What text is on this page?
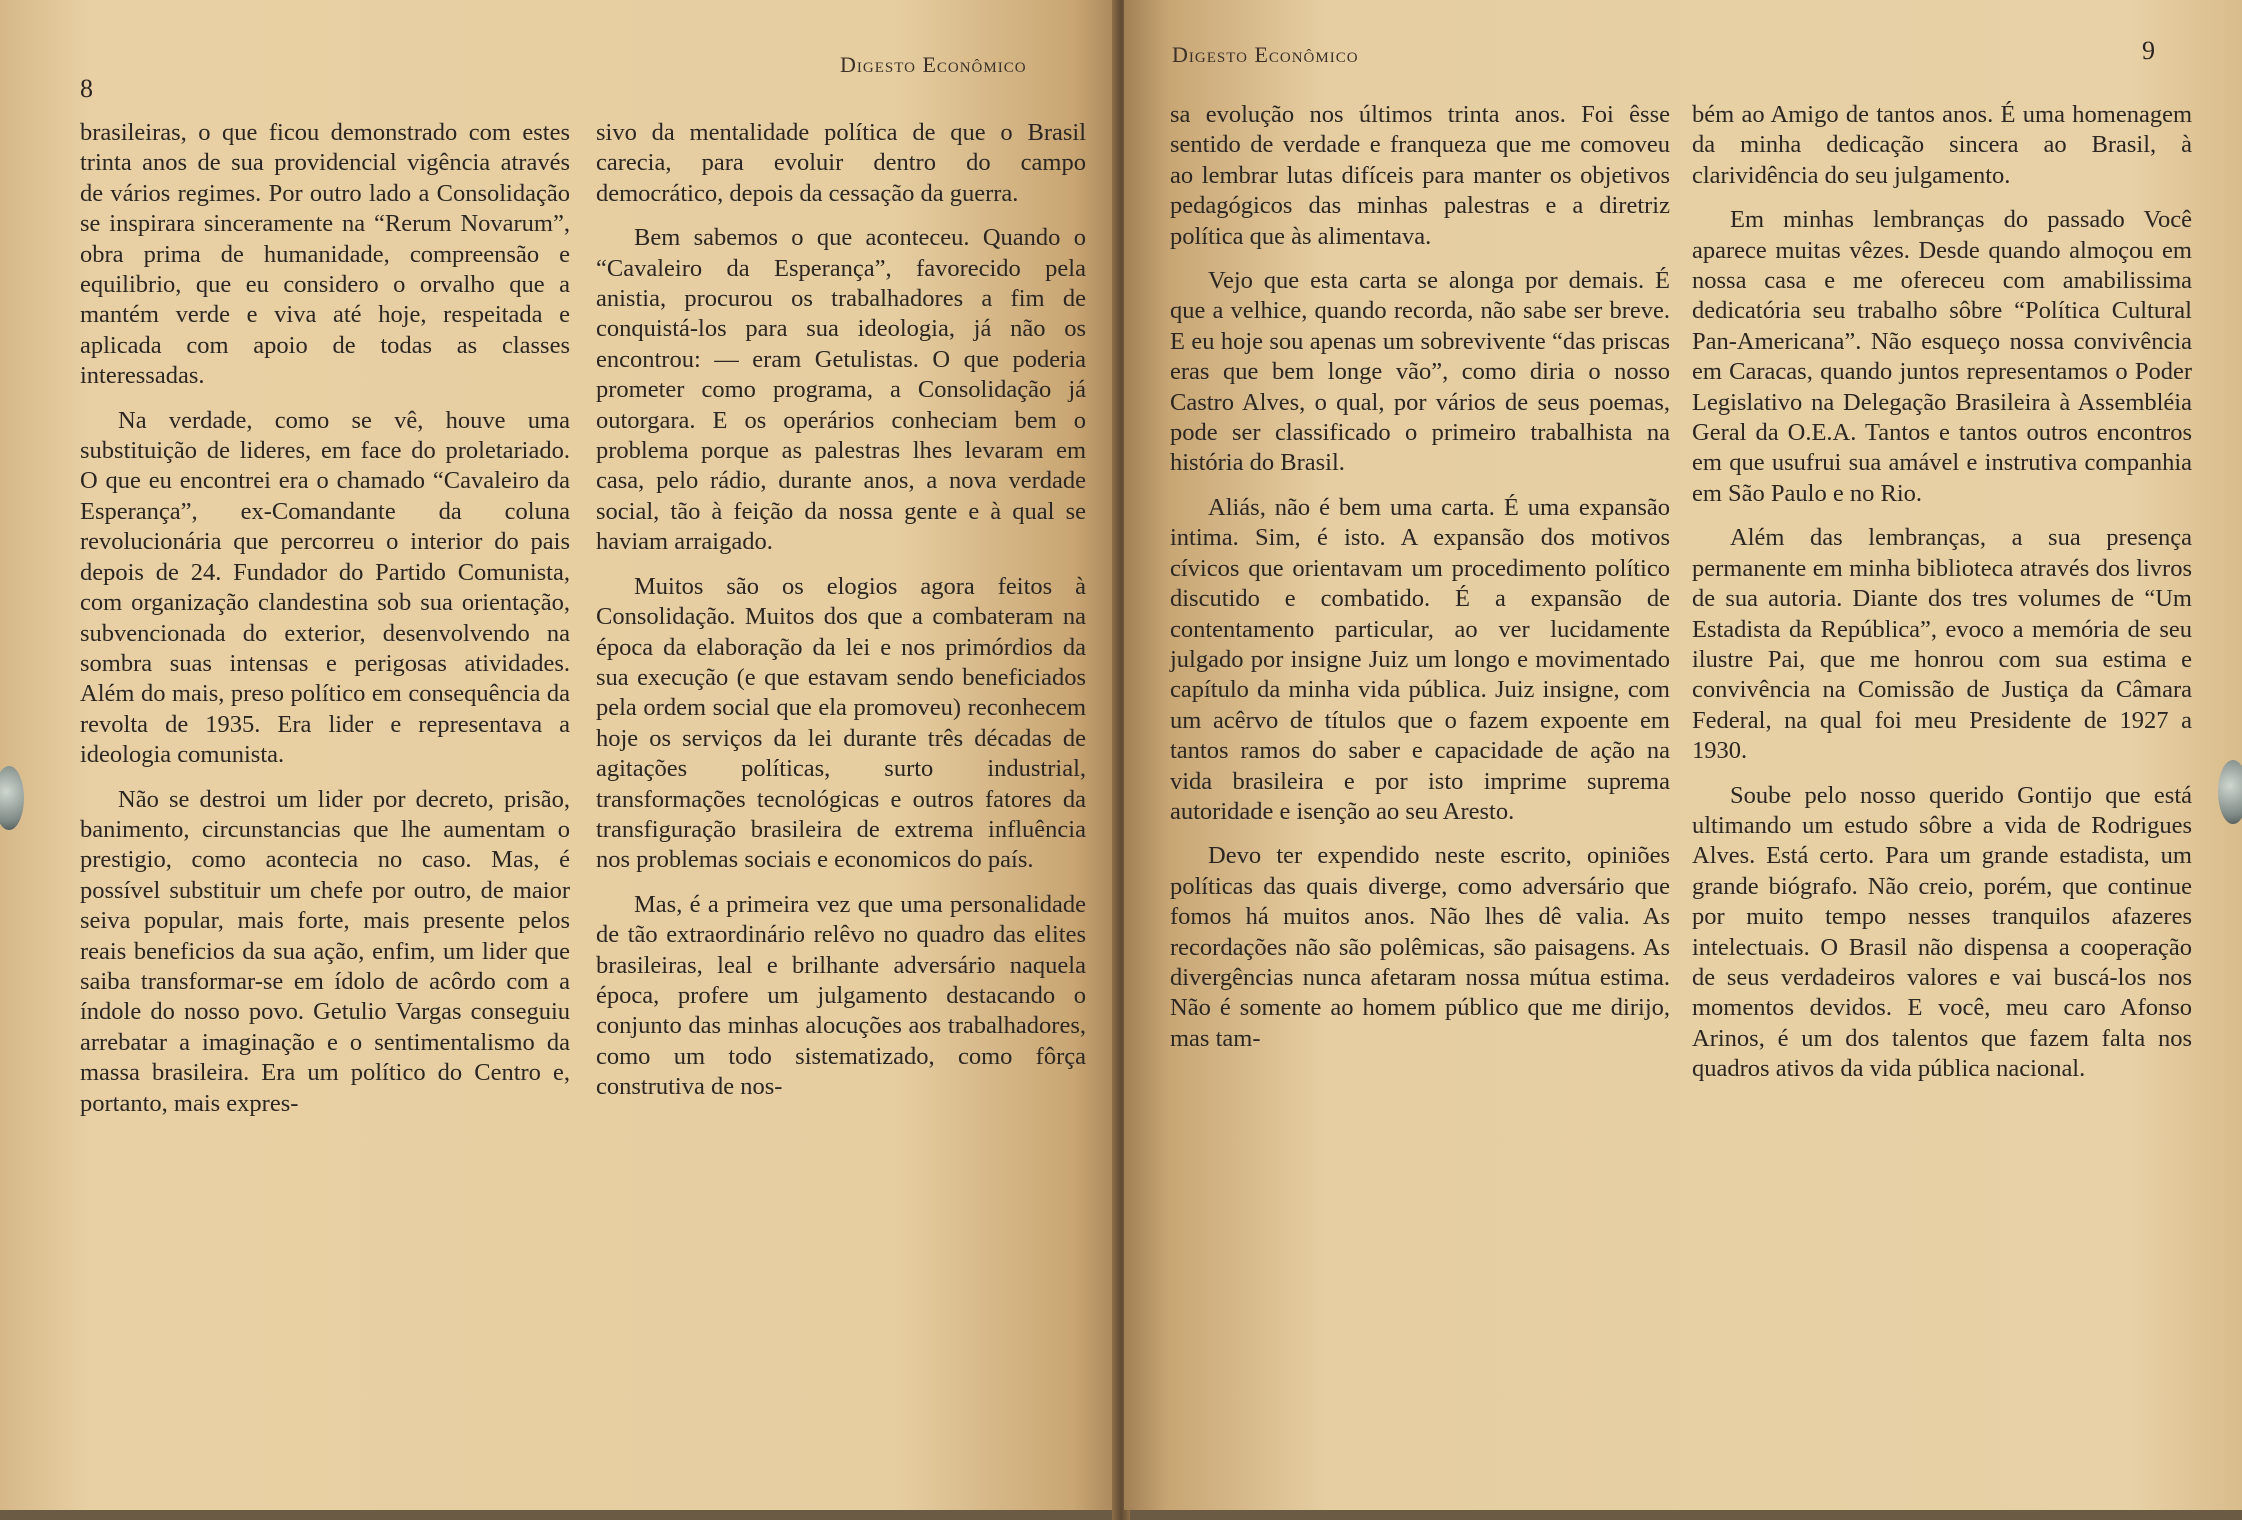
8
Digesto Econômico

brasileiras, o que ficou demonstrado com estes trinta anos de sua providencial vigência através de vários regimes. Por outro lado a Consolidação se inspirara sinceramente na “Rerum Novarum”, obra prima de humanidade, compreensão e equilibrio, que eu considero o orvalho que a mantém verde e viva até hoje, respeitada e aplicada com apoio de todas as classes interessadas.

Na verdade, como se vê, houve uma substituição de lideres, em face do proletariado. O que eu encontrei era o chamado “Cavaleiro da Esperança”, ex-Comandante da coluna revolucionária que percorreu o interior do pais depois de 24. Fundador do Partido Comunista, com organização clandestina sob sua orientação, subvencionada do exterior, desenvolvendo na sombra suas intensas e perigosas atividades. Além do mais, preso político em consequência da revolta de 1935. Era lider e representava a ideologia comunista.

Não se destroi um lider por decreto, prisão, banimento, circunstancias que lhe aumentam o prestigio, como acontecia no caso. Mas, é possível substituir um chefe por outro, de maior seiva popular, mais forte, mais presente pelos reais beneficios da sua ação, enfim, um lider que saiba transformar-se em ídolo de acôrdo com a índole do nosso povo. Getulio Vargas conseguiu arrebatar a imaginação e o sentimentalismo da massa brasileira. Era um político do Centro e, portanto, mais expres-

sivo da mentalidade política de que o Brasil carecia, para evoluir dentro do campo democrático, depois da cessação da guerra.

Bem sabemos o que aconteceu. Quando o “Cavaleiro da Esperança”, favorecido pela anistia, procurou os trabalhadores a fim de conquistá-los para sua ideologia, já não os encontrou: — eram Getulistas. O que poderia prometer como programa, a Consolidação já outorgara. E os operários conheciam bem o problema porque as palestras lhes levaram em casa, pelo rádio, durante anos, a nova verdade social, tão à feição da nossa gente e à qual se haviam arraigado.

Muitos são os elogios agora feitos à Consolidação. Muitos dos que a combateram na época da elaboração da lei e nos primórdios da sua execução (e que estavam sendo beneficiados pela ordem social que ela promoveu) reconhecem hoje os serviços da lei durante três décadas de agitações políticas, surto industrial, transformações tecnológicas e outros fatores da transfiguração brasileira de extrema influência nos problemas sociais e economicos do país.

Mas, é a primeira vez que uma personalidade de tão extraordinário relêvo no quadro das elites brasileiras, leal e brilhante adversário naquela época, profere um julgamento destacando o conjunto das minhas alocuções aos trabalhadores, como um todo sistematizado, como fôrça construtiva de nos-

Digesto Econômico	9

sa evolução nos últimos trinta anos. Foi êsse sentido de verdade e franqueza que me comoveu ao lembrar lutas difíceis para manter os objetivos pedagógicos das minhas palestras e a diretriz política que às alimentava.

Vejo que esta carta se alonga por demais. É que a velhice, quando recorda, não sabe ser breve. E eu hoje sou apenas um sobrevivente “das priscas eras que bem longe vão”, como diria o nosso Castro Alves, o qual, por vários de seus poemas, pode ser classificado o primeiro trabalhista na história do Brasil.

Aliás, não é bem uma carta. É uma expansão intima. Sim, é isto. A expansão dos motivos cívicos que orientavam um procedimento político discutido e combatido. É a expansão de contentamento particular, ao ver lucidamente julgado por insigne Juiz um longo e movimentado capítulo da minha vida pública. Juiz insigne, com um acêrvo de títulos que o fazem expoente em tantos ramos do saber e capacidade de ação na vida brasileira e por isto imprime suprema autoridade e isenção ao seu Aresto.

Devo ter expendido neste escrito, opiniões políticas das quais diverge, como adversário que fomos há muitos anos. Não lhes dê valia. As recordações não são polêmicas, são paisagens. As divergências nunca afetaram nossa mútua estima. Não é somente ao homem público que me dirijo, mas tam-

bém ao Amigo de tantos anos. É uma homenagem da minha dedicação sincera ao Brasil, à clarividência do seu julgamento.

Em minhas lembranças do passado Você aparece muitas vêzes. Desde quando almoçou em nossa casa e me ofereceu com amabilissima dedicatória seu trabalho sôbre “Política Cultural Pan-Americana”. Não esqueço nossa convivência em Caracas, quando juntos representamos o Poder Legislativo na Delegação Brasileira à Assembléia Geral da O.E.A. Tantos e tantos outros encontros em que usufrui sua amável e instrutiva companhia em São Paulo e no Rio.

Além das lembranças, a sua presença permanente em minha biblioteca através dos livros de sua autoria. Diante dos tres volumes de “Um Estadista da República”, evoco a memória de seu ilustre Pai, que me honrou com sua estima e convivência na Comissão de Justiça da Câmara Federal, na qual foi meu Presidente de 1927 a 1930.

Soube pelo nosso querido Gontijo que está ultimando um estudo sôbre a vida de Rodrigues Alves. Está certo. Para um grande estadista, um grande biógrafo. Não creio, porém, que continue por muito tempo nesses tranquilos afazeres intelectuais. O Brasil não dispensa a cooperação de seus verdadeiros valores e vai buscá-los nos momentos devidos. E você, meu caro Afonso Arinos, é um dos talentos que fazem falta nos quadros ativos da vida pública nacional.
